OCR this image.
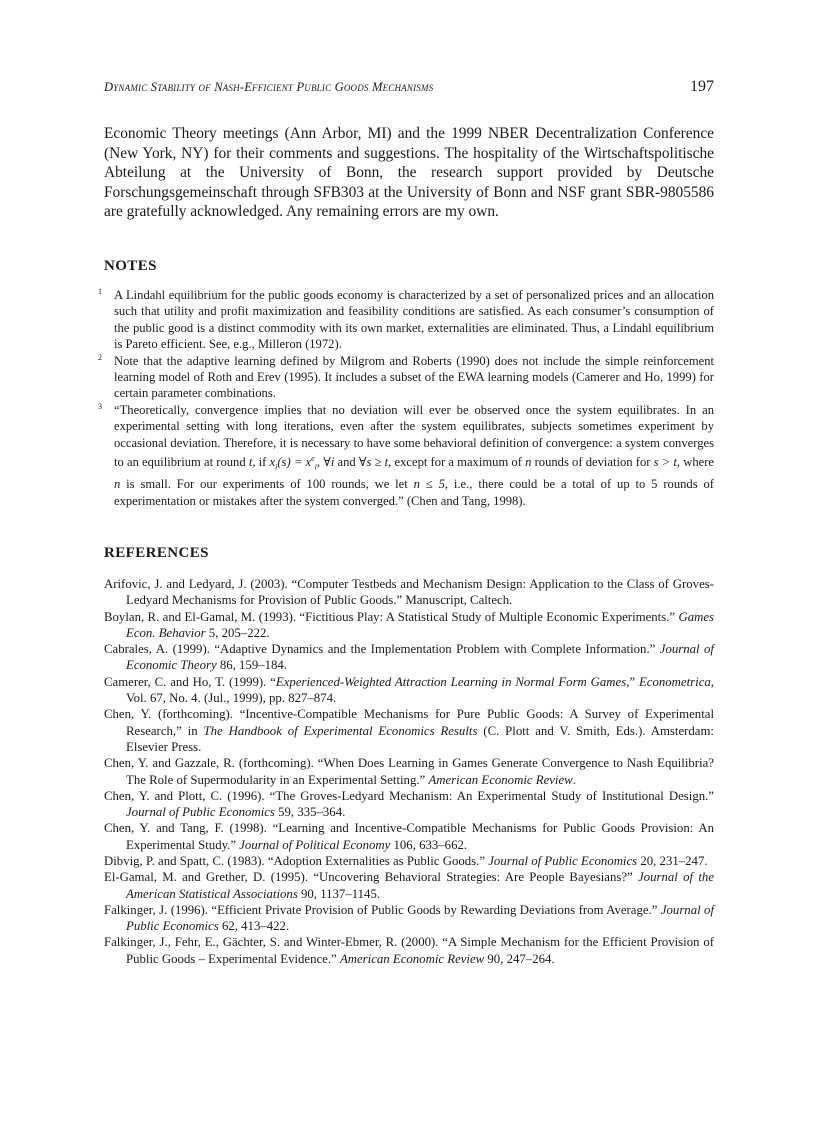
Dynamic Stability of Nash-Efficient Public Goods Mechanisms	197

Economic Theory meetings (Ann Arbor, MI) and the 1999 NBER Decentralization Conference (New York, NY) for their comments and suggestions. The hospitality of the Wirtschaftspolitische Abteilung at the University of Bonn, the research support provided by Deutsche Forschungsgemeinschaft through SFB303 at the University of Bonn and NSF grant SBR-9805586 are gratefully acknowledged. Any remaining errors are my own.

NOTES
1 A Lindahl equilibrium for the public goods economy is characterized by a set of personalized prices and an allocation such that utility and profit maximization and feasibility conditions are satisfied. As each consumer’s consumption of the public good is a distinct commodity with its own market, externalities are eliminated. Thus, a Lindahl equilibrium is Pareto efficient. See, e.g., Milleron (1972).
2 Note that the adaptive learning defined by Milgrom and Roberts (1990) does not include the simple reinforcement learning model of Roth and Erev (1995). It includes a subset of the EWA learning models (Camerer and Ho, 1999) for certain parameter combinations.
3 “Theoretically, convergence implies that no deviation will ever be observed once the system equilibrates. In an experimental setting with long iterations, even after the system equilibrates, subjects sometimes experiment by occasional deviation. Therefore, it is necessary to have some behavioral definition of convergence: a system converges to an equilibrium at round t, if $x_i(s) = x^e_i$, ∀i and ∀s ≥ t, except for a maximum of n rounds of deviation for s > t, where n is small. For our experiments of 100 rounds, we let n ≤ 5, i.e., there could be a total of up to 5 rounds of experimentation or mistakes after the system converged.” (Chen and Tang, 1998).
REFERENCES
Arifovic, J. and Ledyard, J. (2003). “Computer Testbeds and Mechanism Design: Application to the Class of Groves-Ledyard Mechanisms for Provision of Public Goods.” Manuscript, Caltech.
Boylan, R. and El-Gamal, M. (1993). “Fictitious Play: A Statistical Study of Multiple Economic Experiments.” Games Econ. Behavior 5, 205–222.
Cabrales, A. (1999). “Adaptive Dynamics and the Implementation Problem with Complete Information.” Journal of Economic Theory 86, 159–184.
Camerer, C. and Ho, T. (1999). “Experienced-Weighted Attraction Learning in Normal Form Games,” Econometrica, Vol. 67, No. 4. (Jul., 1999), pp. 827–874.
Chen, Y. (forthcoming). “Incentive-Compatible Mechanisms for Pure Public Goods: A Survey of Experimental Research,” in The Handbook of Experimental Economics Results (C. Plott and V. Smith, Eds.). Amsterdam: Elsevier Press.
Chen, Y. and Gazzale, R. (forthcoming). “When Does Learning in Games Generate Convergence to Nash Equilibria? The Role of Supermodularity in an Experimental Setting.” American Economic Review.
Chen, Y. and Plott, C. (1996). “The Groves-Ledyard Mechanism: An Experimental Study of Institutional Design.” Journal of Public Economics 59, 335–364.
Chen, Y. and Tang, F. (1998). “Learning and Incentive-Compatible Mechanisms for Public Goods Provision: An Experimental Study.” Journal of Political Economy 106, 633–662.
Dibvig, P. and Spatt, C. (1983). “Adoption Externalities as Public Goods.” Journal of Public Economics 20, 231–247.
El-Gamal, M. and Grether, D. (1995). “Uncovering Behavioral Strategies: Are People Bayesians?” Journal of the American Statistical Associations 90, 1137–1145.
Falkinger, J. (1996). “Efficient Private Provision of Public Goods by Rewarding Deviations from Average.” Journal of Public Economics 62, 413–422.
Falkinger, J., Fehr, E., Gächter, S. and Winter-Ebmer, R. (2000). “A Simple Mechanism for the Efficient Provision of Public Goods – Experimental Evidence.” American Economic Review 90, 247–264.
